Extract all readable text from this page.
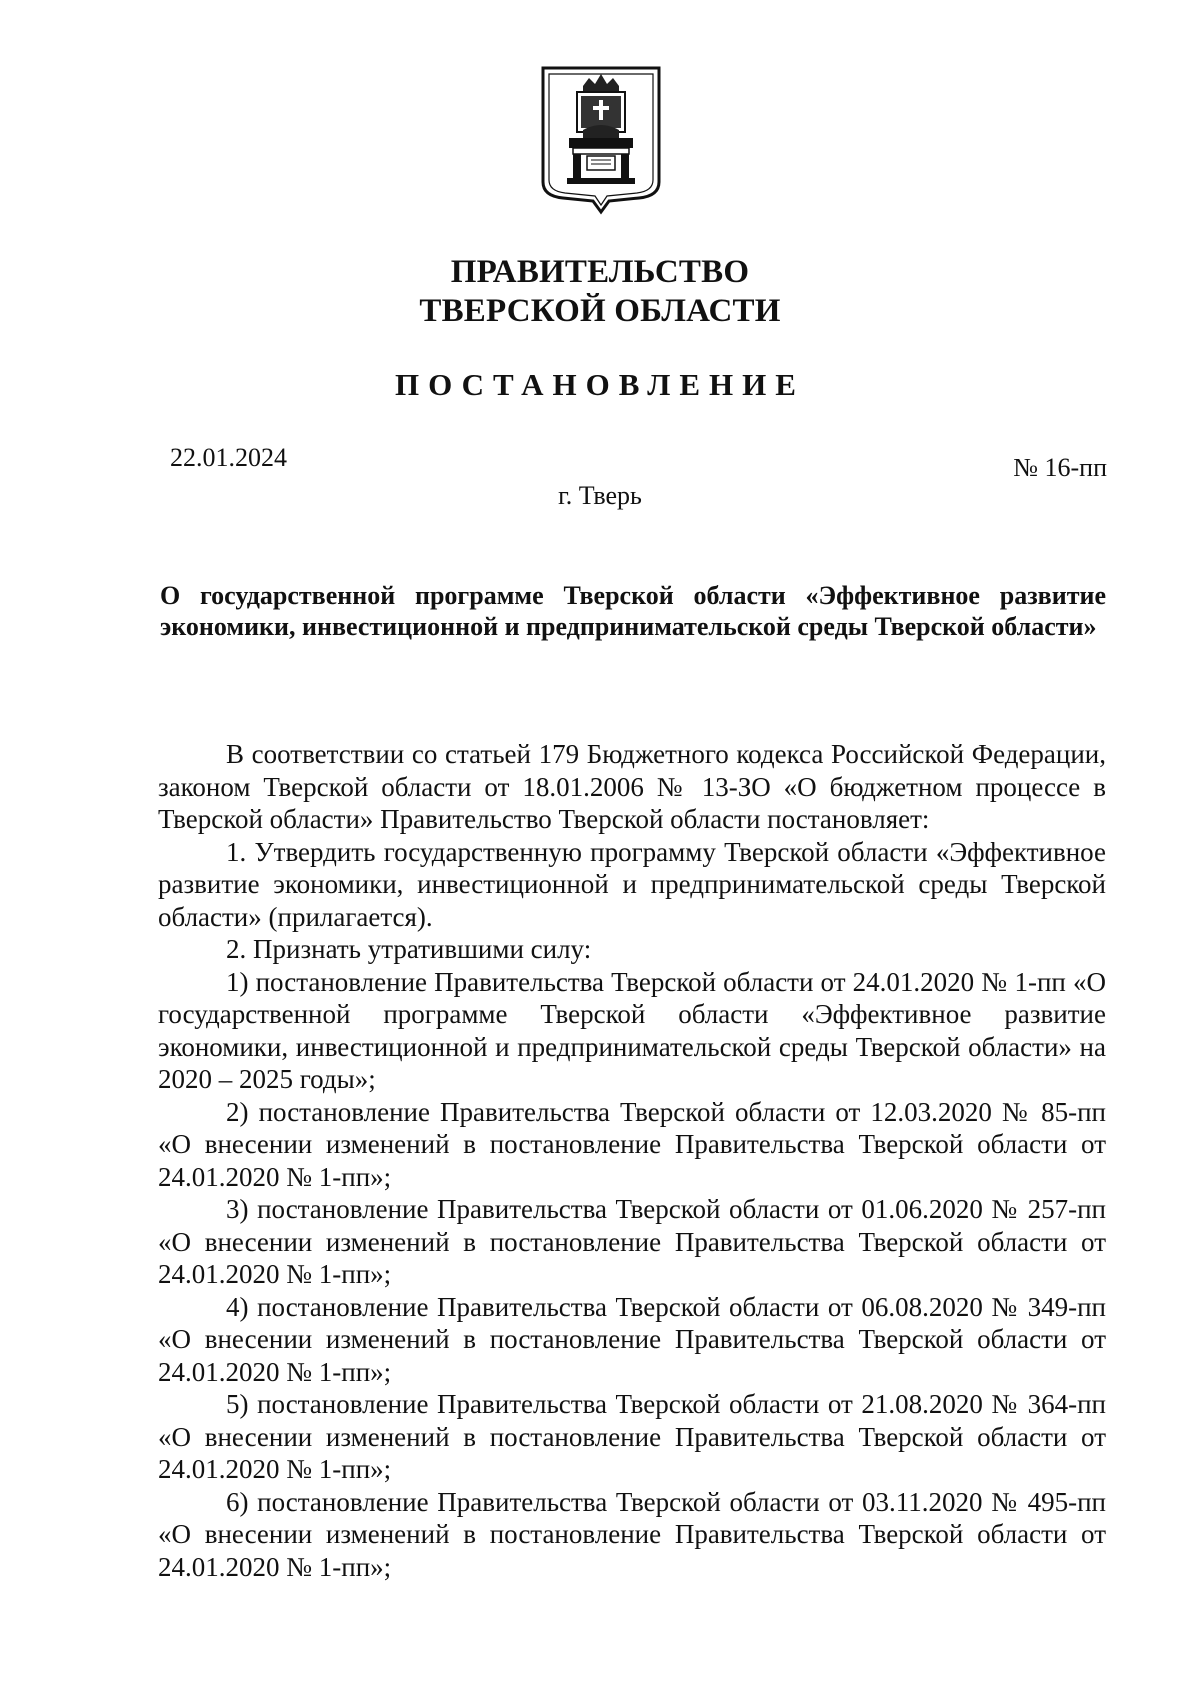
ПРАВИТЕЛЬСТВО
ТВЕРСКОЙ ОБЛАСТИ
ПОСТАНОВЛЕНИЕ
22.01.2024	№ 16-пп
г. Тверь
О государственной программе Тверской области «Эффективное развитие экономики, инвестиционной и предпринимательской среды Тверской области»

В соответствии со статьей 179 Бюджетного кодекса Российской Федерации, законом Тверской области от 18.01.2006 № 13-ЗО «О бюджетном процессе в Тверской области» Правительство Тверской области постановляет:

1. Утвердить государственную программу Тверской области «Эффективное развитие экономики, инвестиционной и предпринимательской среды Тверской области» (прилагается).

2. Признать утратившими силу:

1) постановление Правительства Тверской области от 24.01.2020 № 1-пп «О государственной программе Тверской области «Эффективное развитие экономики, инвестиционной и предпринимательской среды Тверской области» на 2020 – 2025 годы»;

2) постановление Правительства Тверской области от 12.03.2020 № 85-пп «О внесении изменений в постановление Правительства Тверской области от 24.01.2020 № 1-пп»;

3) постановление Правительства Тверской области от 01.06.2020 № 257-пп «О внесении изменений в постановление Правительства Тверской области от 24.01.2020 № 1-пп»;

4) постановление Правительства Тверской области от 06.08.2020 № 349-пп «О внесении изменений в постановление Правительства Тверской области от 24.01.2020 № 1-пп»;

5) постановление Правительства Тверской области от 21.08.2020 № 364-пп «О внесении изменений в постановление Правительства Тверской области от 24.01.2020 № 1-пп»;

6) постановление Правительства Тверской области от 03.11.2020 № 495-пп «О внесении изменений в постановление Правительства Тверской области от 24.01.2020 № 1-пп»;
